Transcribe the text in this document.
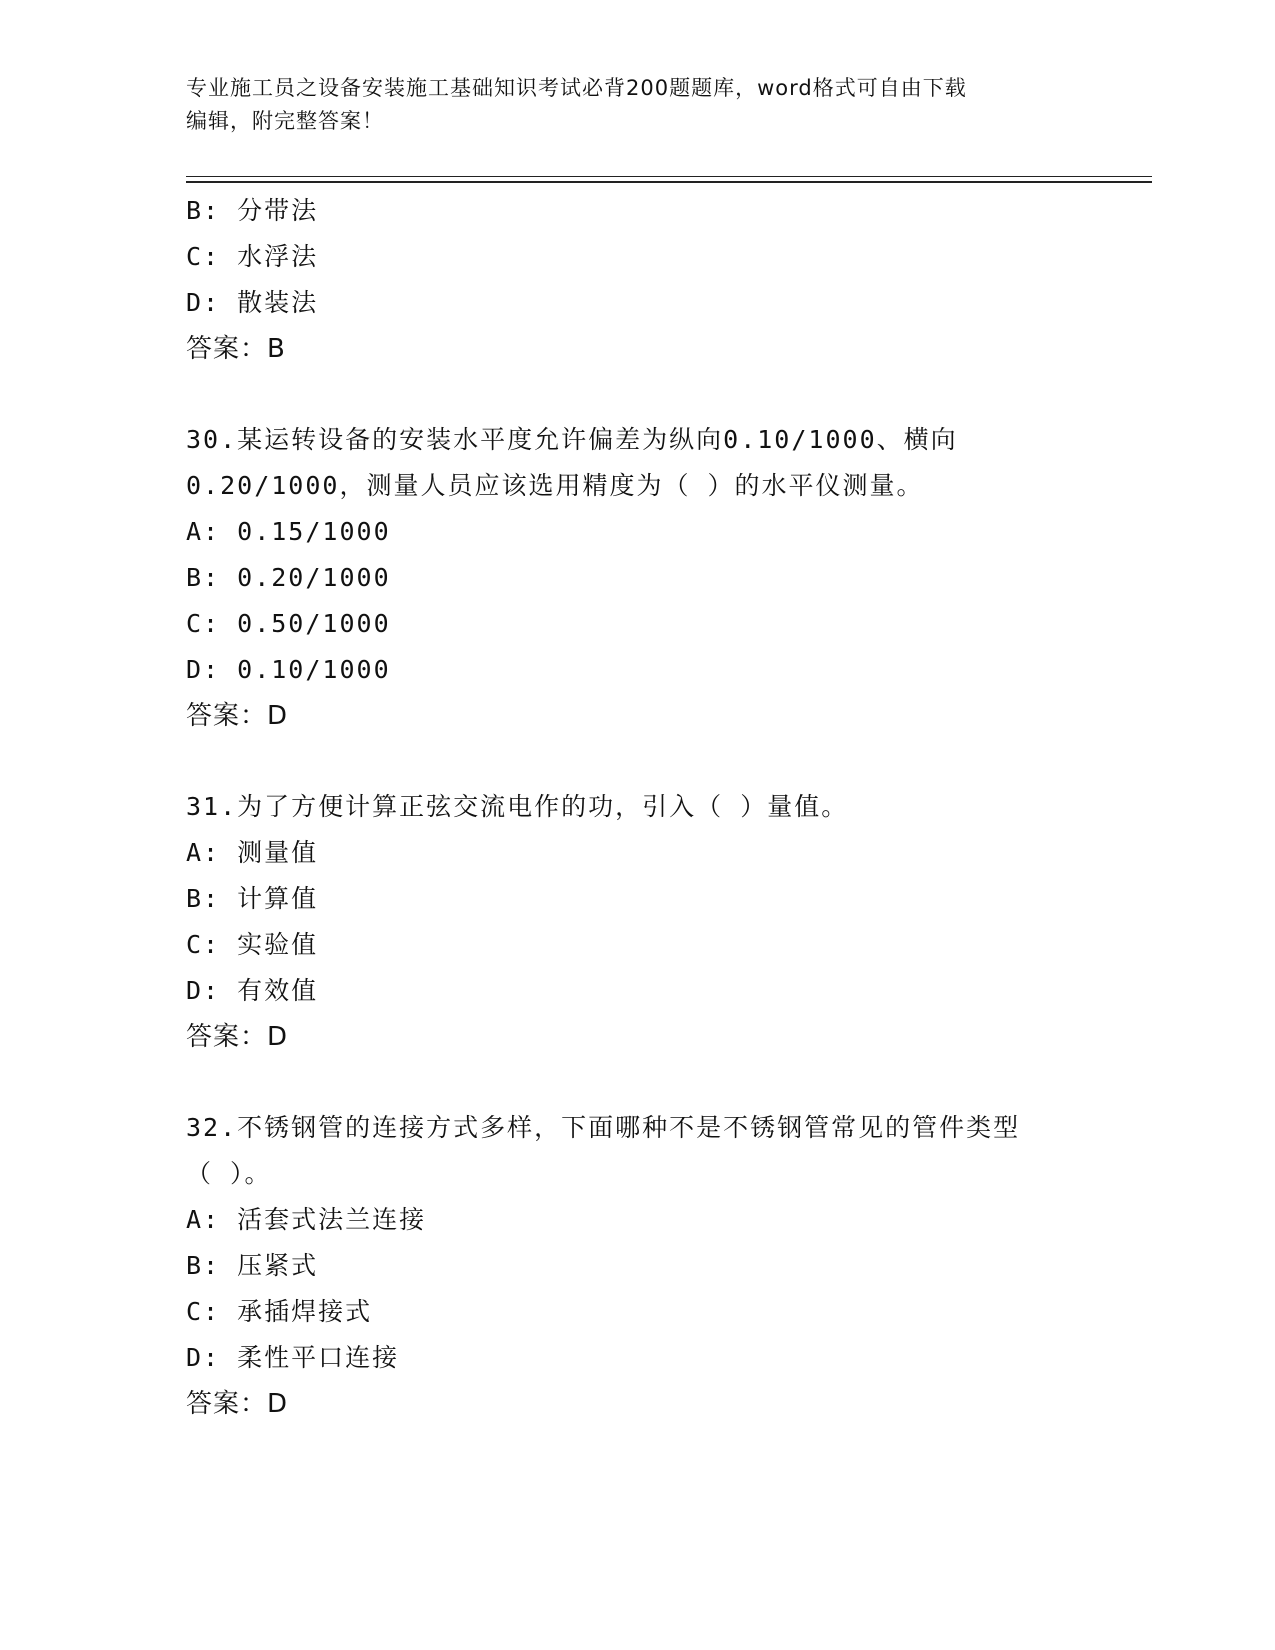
专业施工员之设备安装施工基础知识考试必背200题题库，word格式可自由下载
编辑，附完整答案！
B: 分带法
C: 水浮法
D: 散装法
答案：B
30.某运转设备的安装水平度允许偏差为纵向0.10/1000、横向
0.20/1000，测量人员应该选用精度为（ ）的水平仪测量。
A: 0.15/1000
B: 0.20/1000
C: 0.50/1000
D: 0.10/1000
答案：D
31.为了方便计算正弦交流电作的功，引入（ ）量值。
A: 测量值
B: 计算值
C: 实验值
D: 有效值
答案：D
32.不锈钢管的连接方式多样，下面哪种不是不锈钢管常见的管件类型
（ ）。
A: 活套式法兰连接
B: 压紧式
C: 承插焊接式
D: 柔性平口连接
答案：D
